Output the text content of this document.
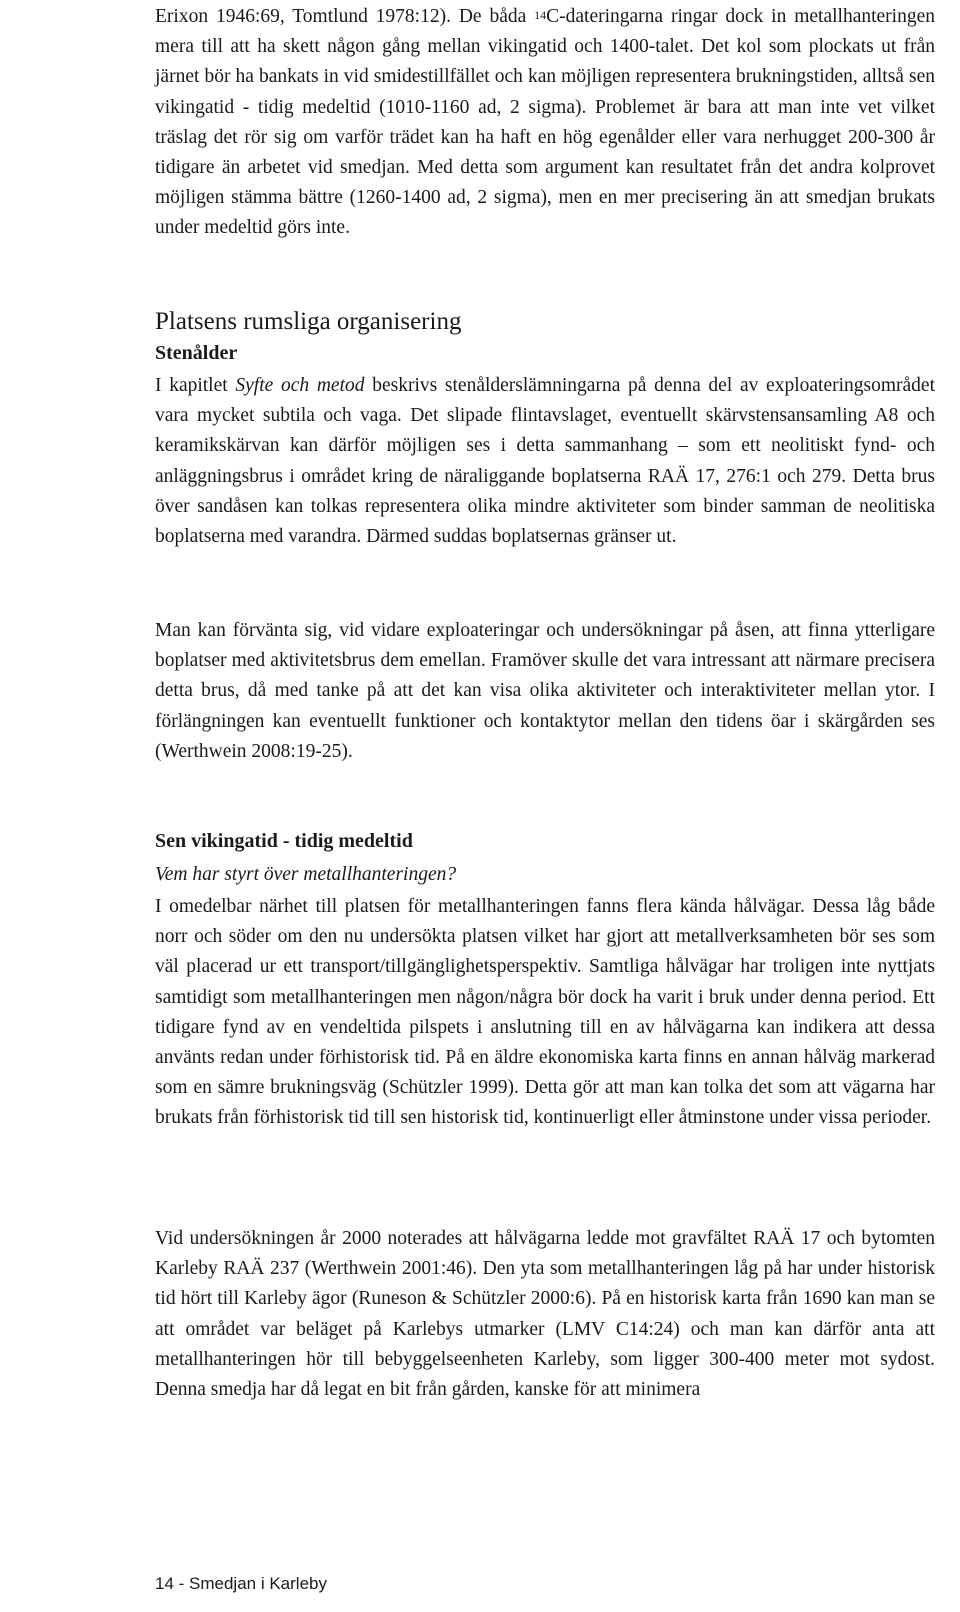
Erixon 1946:69, Tomtlund 1978:12). De båda $^{14}$C-dateringarna ringar dock in metallhanteringen mera till att ha skett någon gång mellan vikingatid och 1400-talet. Det kol som plockats ut från järnet bör ha bankats in vid smidestillfället och kan möjligen representera brukningstiden, alltså sen vikingatid - tidig medeltid (1010-1160 ad, 2 sigma). Problemet är bara att man inte vet vilket träslag det rör sig om varför trädet kan ha haft en hög egenålder eller vara nerhugget 200-300 år tidigare än arbetet vid smedjan. Med detta som argument kan resultatet från det andra kolprovet möjligen stämma bättre (1260-1400 ad, 2 sigma), men en mer precisering än att smedjan brukats under medeltid görs inte.

Platsens rumsliga organisering
Stenålder

I kapitlet Syfte och metod beskrivs stenålderslämningarna på denna del av exploateringsområdet vara mycket subtila och vaga. Det slipade flintavslaget, eventuellt skärvstensansamling A8 och keramikskärvan kan därför möjligen ses i detta sammanhang – som ett neolitiskt fynd- och anläggningsbrus i området kring de näraliggande boplatserna RAÄ 17, 276:1 och 279. Detta brus över sandåsen kan tolkas representera olika mindre aktiviteter som binder samman de neolitiska boplatserna med varandra. Därmed suddas boplatsernas gränser ut.

Man kan förvänta sig, vid vidare exploateringar och undersökningar på åsen, att finna ytterligare boplatser med aktivitetsbrus dem emellan. Framöver skulle det vara intressant att närmare precisera detta brus, då med tanke på att det kan visa olika aktiviteter och interaktiviteter mellan ytor. I förlängningen kan eventuellt funktioner och kontaktytor mellan den tidens öar i skärgården ses (Werthwein 2008:19-25).

Sen vikingatid - tidig medeltid

Vem har styrt över metallhanteringen?

I omedelbar närhet till platsen för metallhanteringen fanns flera kända hålvägar. Dessa låg både norr och söder om den nu undersökta platsen vilket har gjort att metallverksamheten bör ses som väl placerad ur ett transport/tillgänglighetsperspektiv. Samtliga hålvägar har troligen inte nyttjats samtidigt som metallhanteringen men någon/några bör dock ha varit i bruk under denna period. Ett tidigare fynd av en vendeltida pilspets i anslutning till en av hålvägarna kan indikera att dessa använts redan under förhistorisk tid. På en äldre ekonomiska karta finns en annan hålväg markerad som en sämre brukningsväg (Schützler 1999). Detta gör att man kan tolka det som att vägarna har brukats från förhistorisk tid till sen historisk tid, kontinuerligt eller åtminstone under vissa perioder.

Vid undersökningen år 2000 noterades att hålvägarna ledde mot gravfältet RAÄ 17 och bytomten Karleby RAÄ 237 (Werthwein 2001:46). Den yta som metallhanteringen låg på har under historisk tid hört till Karleby ägor (Runeson & Schützler 2000:6). På en historisk karta från 1690 kan man se att området var beläget på Karlebys utmarker (LMV C14:24) och man kan därför anta att metallhanteringen hör till bebyggelseenheten Karleby, som ligger 300-400 meter mot sydost. Denna smedja har då legat en bit från gården, kanske för att minimera

14 - Smedjan i Karleby
